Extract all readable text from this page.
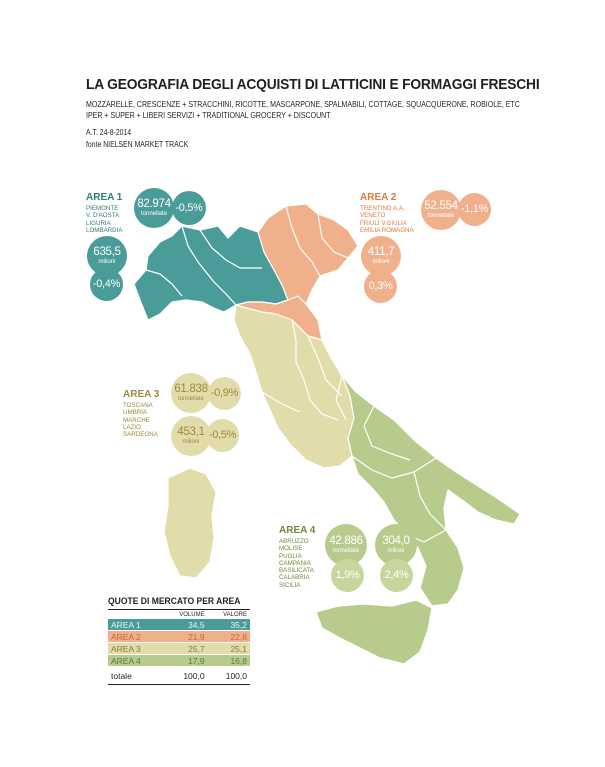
LA GEOGRAFIA DEGLI ACQUISTI DI LATTICINI E FORMAGGI FRESCHI
MOZZARELLE, CRESCENZE + STRACCHINI, RICOTTE, MASCARPONE, SPALMABILI, COTTAGE, SQUACQUERONE, ROBIOLE, ETC
IPER + SUPER + LIBERI SERVIZI + TRADITIONAL GROCERY + DISCOUNT
A.T. 24-8-2014
fonte NIELSEN MARKET TRACK
AREA 1
PIEMONTE
V. D'AOSTA
LIGURIA
LOMBARDIA
82.974
tonnellate
-0,5%
635,5
milioni
-0,4%
AREA 2
TRENTINO A.A.
VENETO
FRIULI V.GIULIA
EMILIA ROMAGNA
52.554
tonnellate
-1,1%
411,7
milioni
0,3%
AREA 3
TOSCANA
UMBRIA
MARCHE
LAZIO
SARDEGNA
61.838
tonnellate
-0,9%
453,1
milioni
-0,5%
AREA 4
ABRUZZO
MOLISE
PUGLIA
CAMPANIA
BASILICATA
CALABRIA
SICILIA
42.886
tonnellate
304,0
milioni
1,9% 2,4%
QUOTE DI MERCATO PER AREA
	VOLUME	VALORE
AREA 1	34,5	35,2
AREA 2	21,9	22,8
AREA 3	25,7	25,1
AREA 4	17,9	16,8
totale	100,0	100,0
